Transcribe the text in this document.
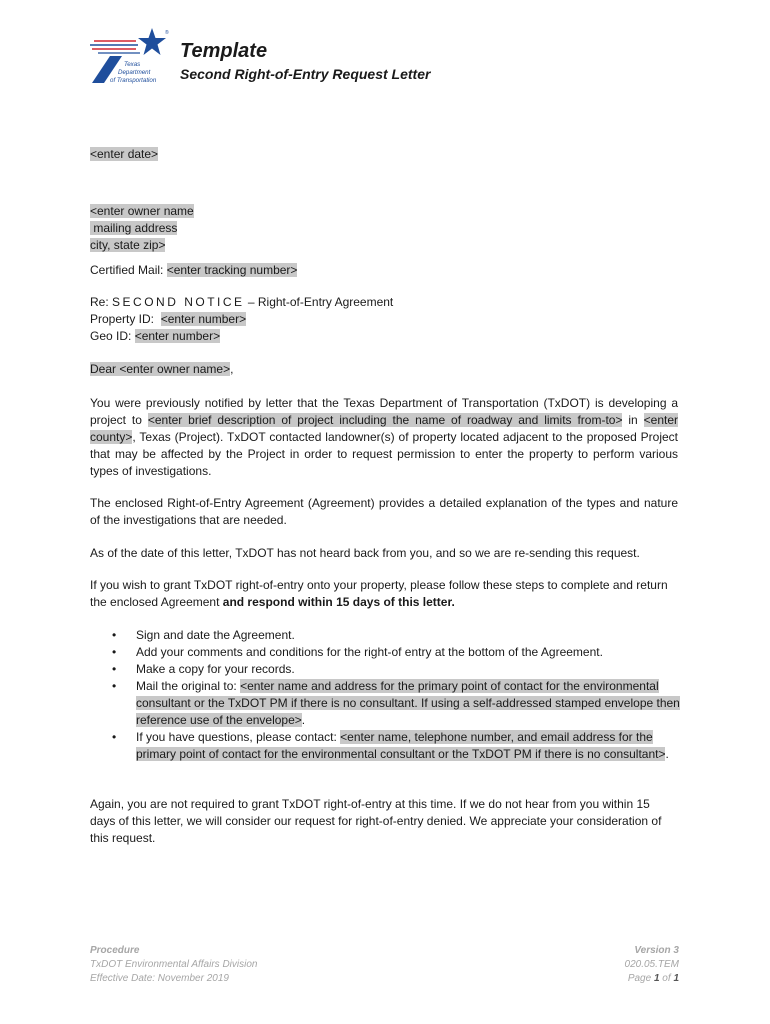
®
Texas
Department
of Transportation
Template
Second Right-of-Entry Request Letter
<enter date>
<enter owner name
mailing address
city, state zip>
Certified Mail: <enter tracking number>
Re: SECOND NOTICE – Right-of-Entry Agreement
Property ID:  <enter number>
Geo ID: <enter number>
Dear <enter owner name>,

You were previously notified by letter that the Texas Department of Transportation (TxDOT) is developing a project to <enter brief description of project including the name of roadway and limits from-to> in <enter county>, Texas (Project). TxDOT contacted landowner(s) of property located adjacent to the proposed Project that may be affected by the Project in order to request permission to enter the property to perform various types of investigations.

The enclosed Right-of-Entry Agreement (Agreement) provides a detailed explanation of the types and nature of the investigations that are needed.

As of the date of this letter, TxDOT has not heard back from you, and so we are re-sending this request.

If you wish to grant TxDOT right-of-entry onto your property, please follow these steps to complete and return the enclosed Agreement and respond within 15 days of this letter.

• Sign and date the Agreement.
• Add your comments and conditions for the right-of entry at the bottom of the Agreement.
• Make a copy for your records.
• Mail the original to: <enter name and address for the primary point of contact for the environmental consultant or the TxDOT PM if there is no consultant. If using a self-addressed stamped envelope then reference use of the envelope>.
• If you have questions, please contact: <enter name, telephone number, and email address for the primary point of contact for the environmental consultant or the TxDOT PM if there is no consultant>.

Again, you are not required to grant TxDOT right-of-entry at this time. If we do not hear from you within 15 days of this letter, we will consider our request for right-of-entry denied. We appreciate your consideration of this request.

Procedure
TxDOT Environmental Affairs Division
Effective Date: November 2019
Version 3
020.05.TEM
Page 1 of 1
